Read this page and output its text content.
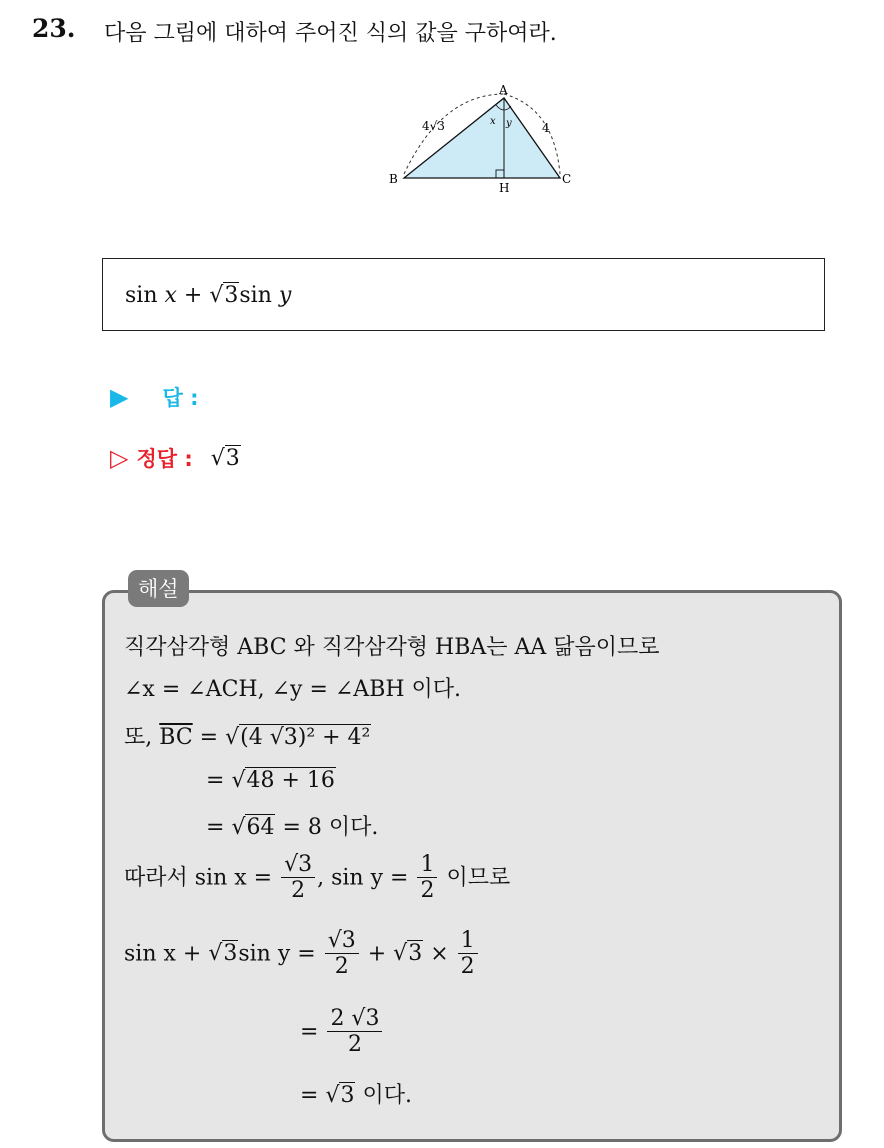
23. 다음 그림에 대하여 주어진 식의 값을 구하여라.
A
B	C
H
x y
4√3	4
sin x + √3sin y
▶ 답 :
▷ 정답 : √3
해설
직각삼각형 ABC 와 직각삼각형 HBA는 AA 닮음이므로
∠x = ∠ACH, ∠y = ∠ABH 이다.
또, $\overline{BC} = √(4$ √3)² + 4²
= √48 + 16
= √64 = 8 이다.
따라서 $\sin x = \frac{√3}{2}$ , $\sin y = \frac{1}{2}$ 이므로
sin x + √3sin $y = \frac{√3}{2} + √3 \times \frac{1}{2}$
= $\frac{2 √3}{2}$
= √3 이다.
